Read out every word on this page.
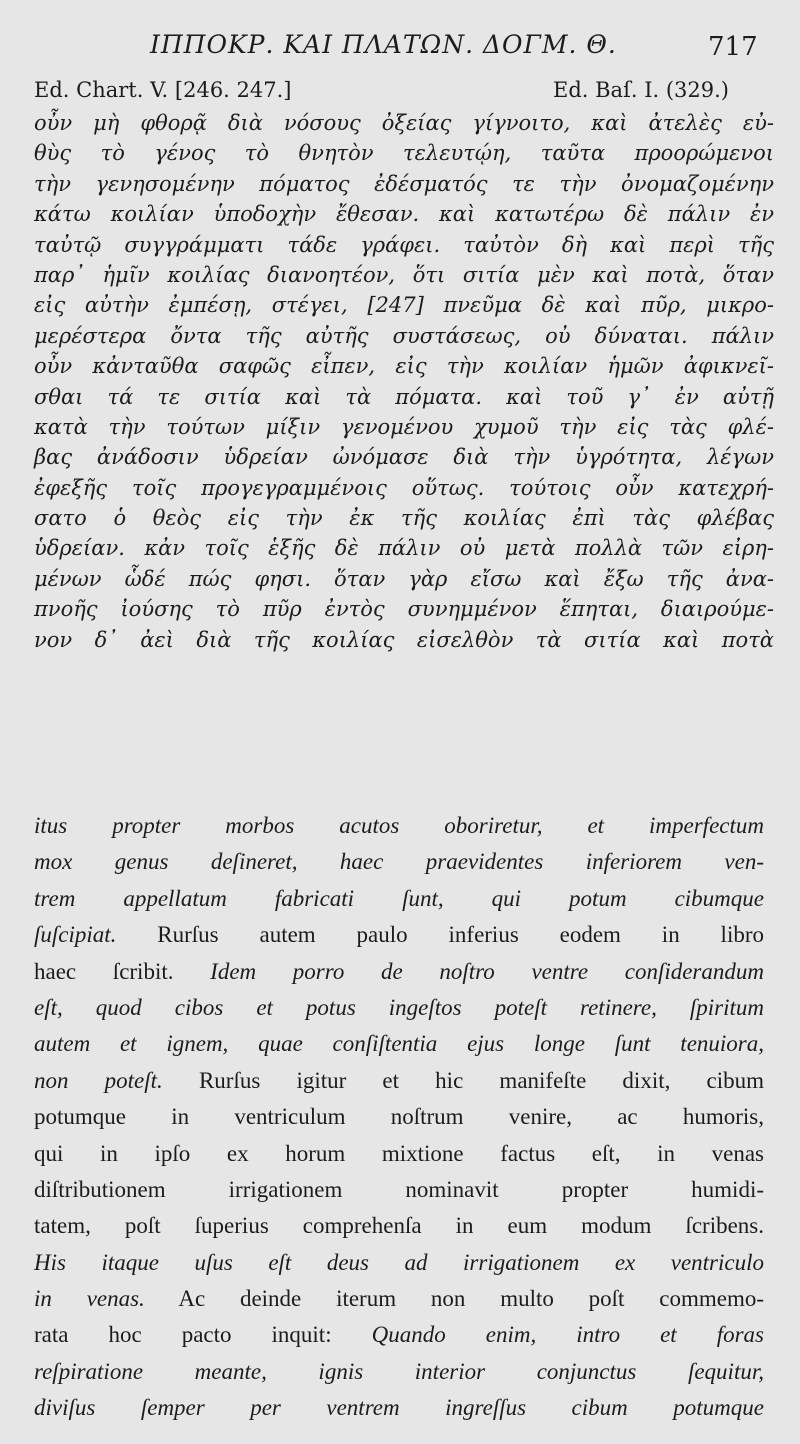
ΙΠΠΟΚΡ. ΚΑΙ ΠΛΑΤΩΝ. ΔΟΓΜ. Θ.	717
Ed. Chart. V. [246. 247.]	Ed. Baſ. I. (329.)
οὖν μὴ φθορᾷ διὰ νόσους ὀξείας γίγνοιτο, καὶ ἀτελὲς εὐ-
θὺς τὸ γένος τὸ θνητὸν τελευτῴη, ταῦτα προορώμενοι
τὴν γενησομένην πόματος ἐδέσματός τε τὴν ὀνομαζομένην
κάτω κοιλίαν ὑποδοχὴν ἔθεσαν. καὶ κατωτέρω δὲ πάλιν ἐν
ταὐτῷ συγγράμματι τάδε γράφει. ταὐτὸν δὴ καὶ περὶ τῆς
παρ᾿ ἡμῖν κοιλίας διανοητέον, ὅτι σιτία μὲν καὶ ποτὰ, ὅταν
εἰς αὐτὴν ἐμπέσῃ, στέγει, [247] πνεῦμα δὲ καὶ πῦρ, μικρο-
μερέστερα ὄντα τῆς αὐτῆς συστάσεως, οὐ δύναται. πάλιν
οὖν κἀνταῦθα σαφῶς εἶπεν, εἰς τὴν κοιλίαν ἡμῶν ἀφικνεῖ-
σθαι τά τε σιτία καὶ τὰ πόματα. καὶ τοῦ γ᾿ ἐν αὐτῇ
κατὰ τὴν τούτων μίξιν γενομένου χυμοῦ τὴν εἰς τὰς φλέ-
βας ἀνάδοσιν ὑδρείαν ὠνόμασε διὰ τὴν ὑγρότητα, λέγων
ἐφεξῆς τοῖς προγεγραμμένοις οὕτως. τούτοις οὖν κατεχρή-
σατο ὁ θεὸς εἰς τὴν ἐκ τῆς κοιλίας ἐπὶ τὰς φλέβας
ὑδρείαν. κἀν τοῖς ἑξῆς δὲ πάλιν οὐ μετὰ πολλὰ τῶν εἰρη-
μένων ὧδέ πώς φησι. ὅταν γὰρ εἴσω καὶ ἔξω τῆς ἀνα-
πνοῆς ἰούσης τὸ πῦρ ἐντὸς συνημμένον ἕπηται, διαιρούμε-
νον δ᾿ ἀεὶ διὰ τῆς κοιλίας εἰσελθὸν τὰ σιτία καὶ ποτὰ
itus propter morbos acutos oboriretur, et imperfectum
mox genus deſineret, haec praevidentes inferiorem ven-
trem appellatum fabricati ſunt, qui potum cibumque
ſuſcipiat. Rurſus autem paulo inferius eodem in libro
haec ſcribit. Idem porro de noſtro ventre conſiderandum
eſt, quod cibos et potus ingeſtos poteſt retinere, ſpiritum
autem et ignem, quae conſiſtentia ejus longe ſunt tenuiora,
non poteſt. Rurſus igitur et hic manifeſte dixit, cibum
potumque in ventriculum noſtrum venire, ac humoris,
qui in ipſo ex horum mixtione factus eſt, in venas
diſtributionem irrigationem nominavit propter humidi-
tatem, poſt ſuperius comprehenſa in eum modum ſcribens.
His itaque uſus eſt deus ad irrigationem ex ventriculo
in venas. Ac deinde iterum non multo poſt commemo-
rata hoc pacto inquit: Quando enim, intro et foras
reſpiratione meante, ignis interior conjunctus ſequitur,
diviſus ſemper per ventrem ingreſſus cibum potumque
